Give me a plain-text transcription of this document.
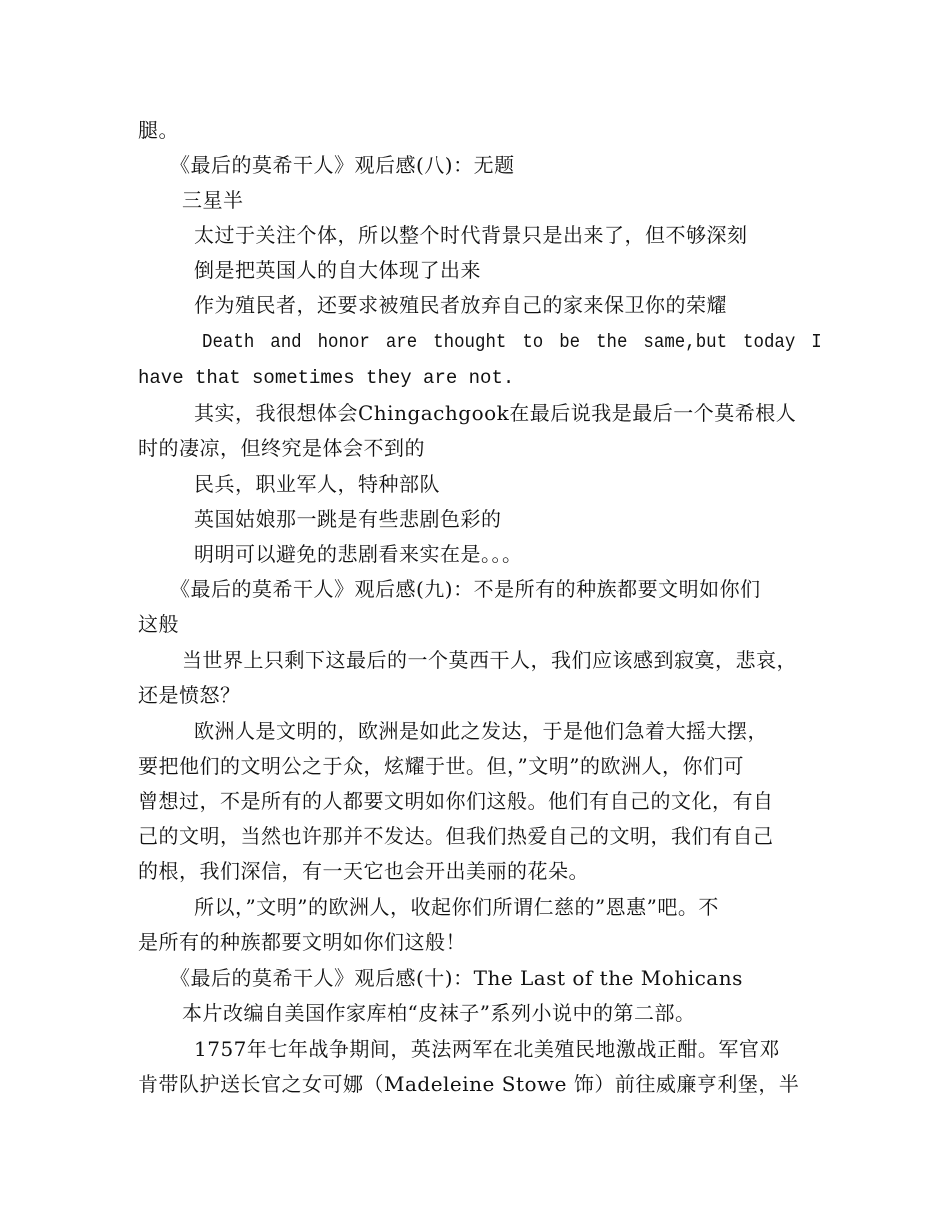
腿。
《最后的莫希干人》观后感(八)：无题
三星半
太过于关注个体，所以整个时代背景只是出来了，但不够深刻
倒是把英国人的自大体现了出来
作为殖民者，还要求被殖民者放弃自己的家来保卫你的荣耀
Death and honor are thought to be the same,but today I
have that sometimes they are not.
其实，我很想体会Chingachgook在最后说我是最后一个莫希根人
时的凄凉，但终究是体会不到的
民兵，职业军人，特种部队
英国姑娘那一跳是有些悲剧色彩的
明明可以避免的悲剧看来实在是。。。
《最后的莫希干人》观后感(九)：不是所有的种族都要文明如你们
这般
当世界上只剩下这最后的一个莫西干人，我们应该感到寂寞，悲哀，
还是愤怒？
欧洲人是文明的，欧洲是如此之发达，于是他们急着大摇大摆，
要把他们的文明公之于众，炫耀于世。但，”文明”的欧洲人，你们可
曾想过，不是所有的人都要文明如你们这般。他们有自己的文化，有自
己的文明，当然也许那并不发达。但我们热爱自己的文明，我们有自己
的根，我们深信，有一天它也会开出美丽的花朵。
所以，”文明”的欧洲人，收起你们所谓仁慈的”恩惠”吧。不
是所有的种族都要文明如你们这般！
《最后的莫希干人》观后感(十)：The Last of the Mohicans
本片改编自美国作家库柏“皮袜子”系列小说中的第二部。
1757年七年战争期间，英法两军在北美殖民地激战正酣。军官邓
肯带队护送长官之女可娜（Madeleine Stowe 饰）前往威廉亨利堡，半
